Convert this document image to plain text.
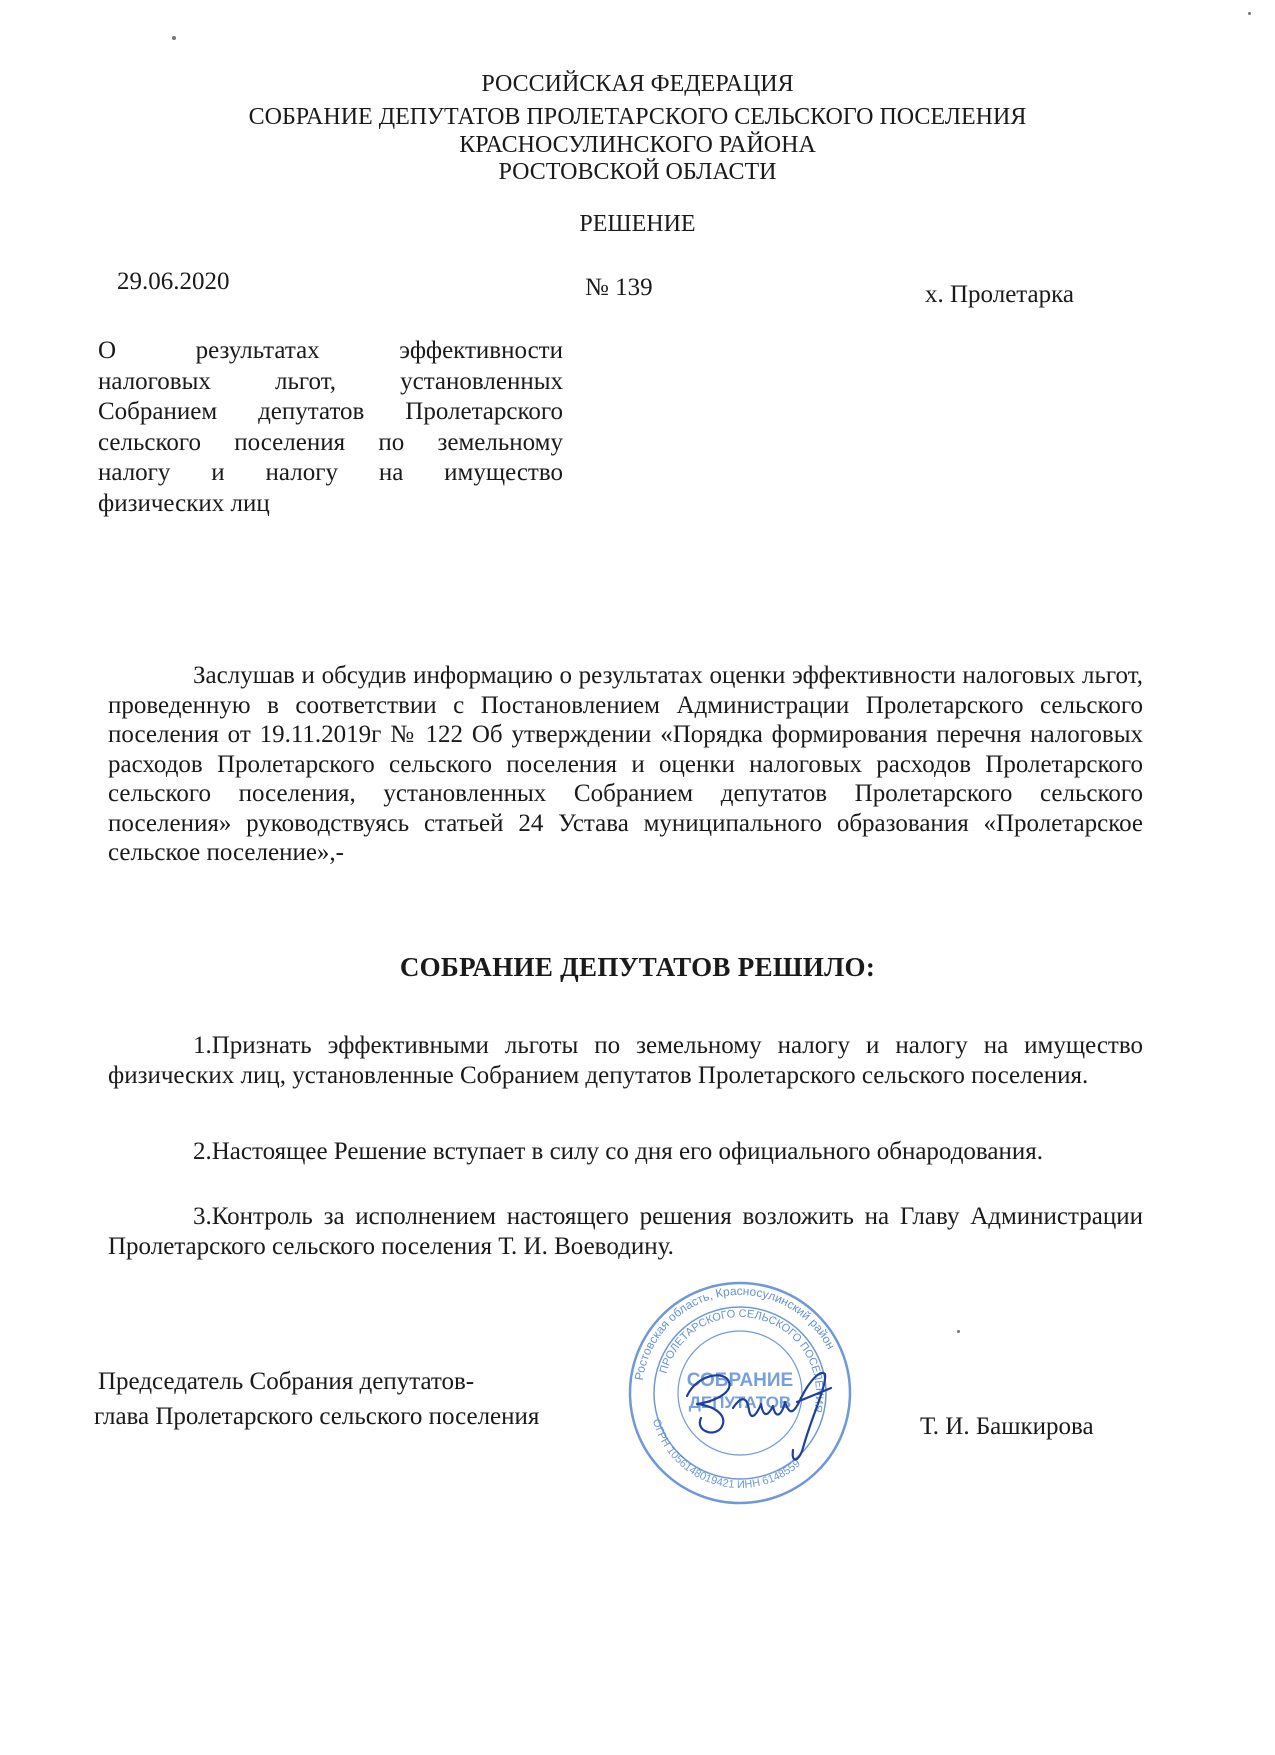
РОССИЙСКАЯ ФЕДЕРАЦИЯ
СОБРАНИЕ ДЕПУТАТОВ ПРОЛЕТАРСКОГО СЕЛЬСКОГО ПОСЕЛЕНИЯ
КРАСНОСУЛИНСКОГО РАЙОНА
РОСТОВСКОЙ ОБЛАСТИ
РЕШЕНИЕ
29.06.2020	№ 139	х. Пролетарка
О результатах эффективности
налоговых льгот, установленных
Собранием депутатов Пролетарского
сельского поселения по земельному
налогу и налогу на имущество
физических лиц
Заслушав и обсудив информацию о результатах оценки эффективности налоговых льгот, проведенную в соответствии с Постановлением Администрации Пролетарского сельского поселения от 19.11.2019г № 122 Об утверждении «Порядка формирования перечня налоговых расходов Пролетарского сельского поселения и оценки налоговых расходов Пролетарского сельского поселения, установленных Собранием депутатов Пролетарского сельского поселения» руководствуясь статьей 24 Устава муниципального образования «Пролетарское сельское поселение»,-
СОБРАНИЕ ДЕПУТАТОВ РЕШИЛО:
1.Признать эффективными льготы по земельному налогу и налогу на имущество физических лиц, установленные Собранием депутатов Пролетарского сельского поселения.
2.Настоящее Решение вступает в силу со дня его официального обнародования.
3.Контроль за исполнением настоящего решения возложить на Главу Администрации Пролетарского сельского поселения Т. И. Воеводину.
Председатель Собрания депутатов-
глава Пролетарского сельского поселения	Т. И. Башкирова
Ростовская область, Красносулинский район
ПРОЛЕТАРСКОГО СЕЛЬСКОГО ПОСЕЛЕНИЯ
ОГРН 1056148019421 ИНН 6148559
СОБРАНИЕ
ДЕПУТАТОВ
